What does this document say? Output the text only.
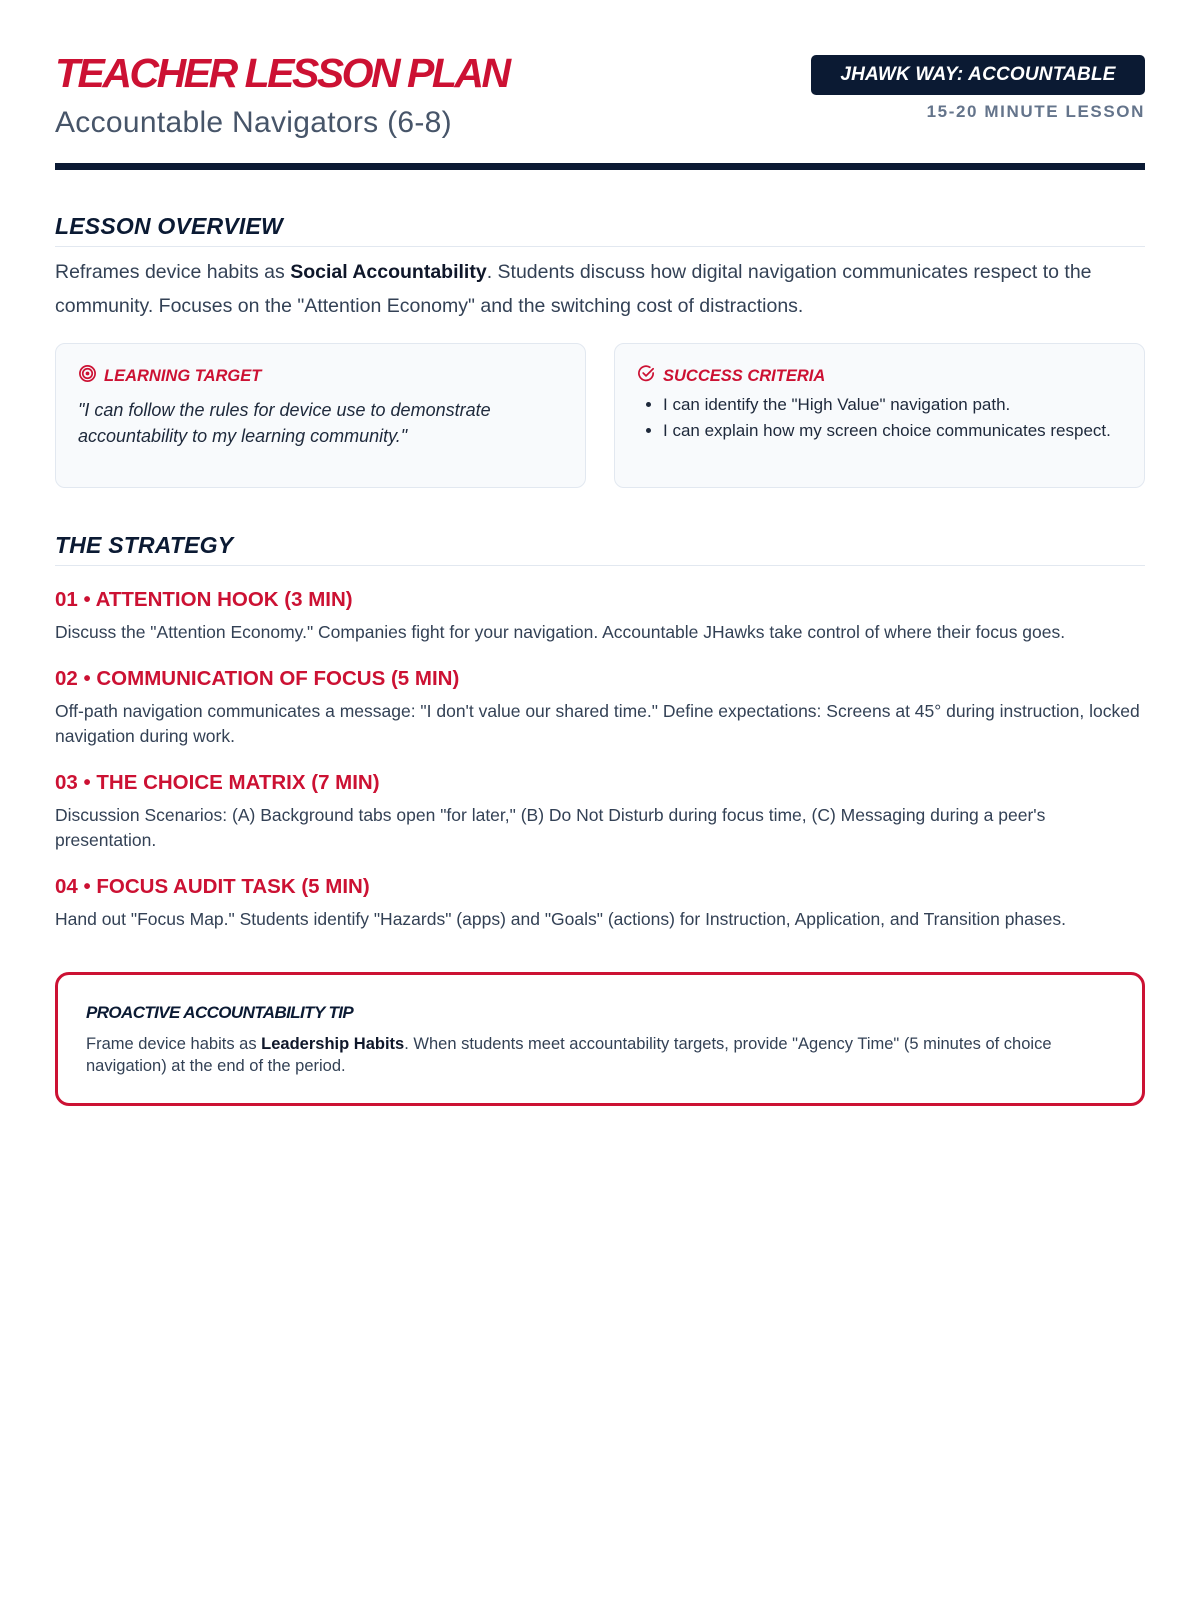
TEACHER LESSON PLAN
Accountable Navigators (6-8)
JHAWK WAY: ACCOUNTABLE
15-20 MINUTE LESSON
LESSON OVERVIEW

Reframes device habits as Social Accountability. Students discuss how digital navigation communicates respect to the community. Focuses on the "Attention Economy" and the switching cost of distractions.

LEARNING TARGET
"I can follow the rules for device use to demonstrate accountability to my learning community."
SUCCESS CRITERIA
• I can identify the "High Value" navigation path.
• I can explain how my screen choice communicates respect.
THE STRATEGY
01 • ATTENTION HOOK (3 MIN)
Discuss the "Attention Economy." Companies fight for your navigation. Accountable JHawks take control of where their focus goes.
02 • COMMUNICATION OF FOCUS (5 MIN)
Off-path navigation communicates a message: "I don't value our shared time." Define expectations: Screens at 45° during instruction, locked navigation during work.
03 • THE CHOICE MATRIX (7 MIN)
Discussion Scenarios: (A) Background tabs open "for later," (B) Do Not Disturb during focus time, (C) Messaging during a peer's presentation.
04 • FOCUS AUDIT TASK (5 MIN)
Hand out "Focus Map." Students identify "Hazards" (apps) and "Goals" (actions) for Instruction, Application, and Transition phases.
PROACTIVE ACCOUNTABILITY TIP

Frame device habits as Leadership Habits. When students meet accountability targets, provide "Agency Time" (5 minutes of choice navigation) at the end of the period.
